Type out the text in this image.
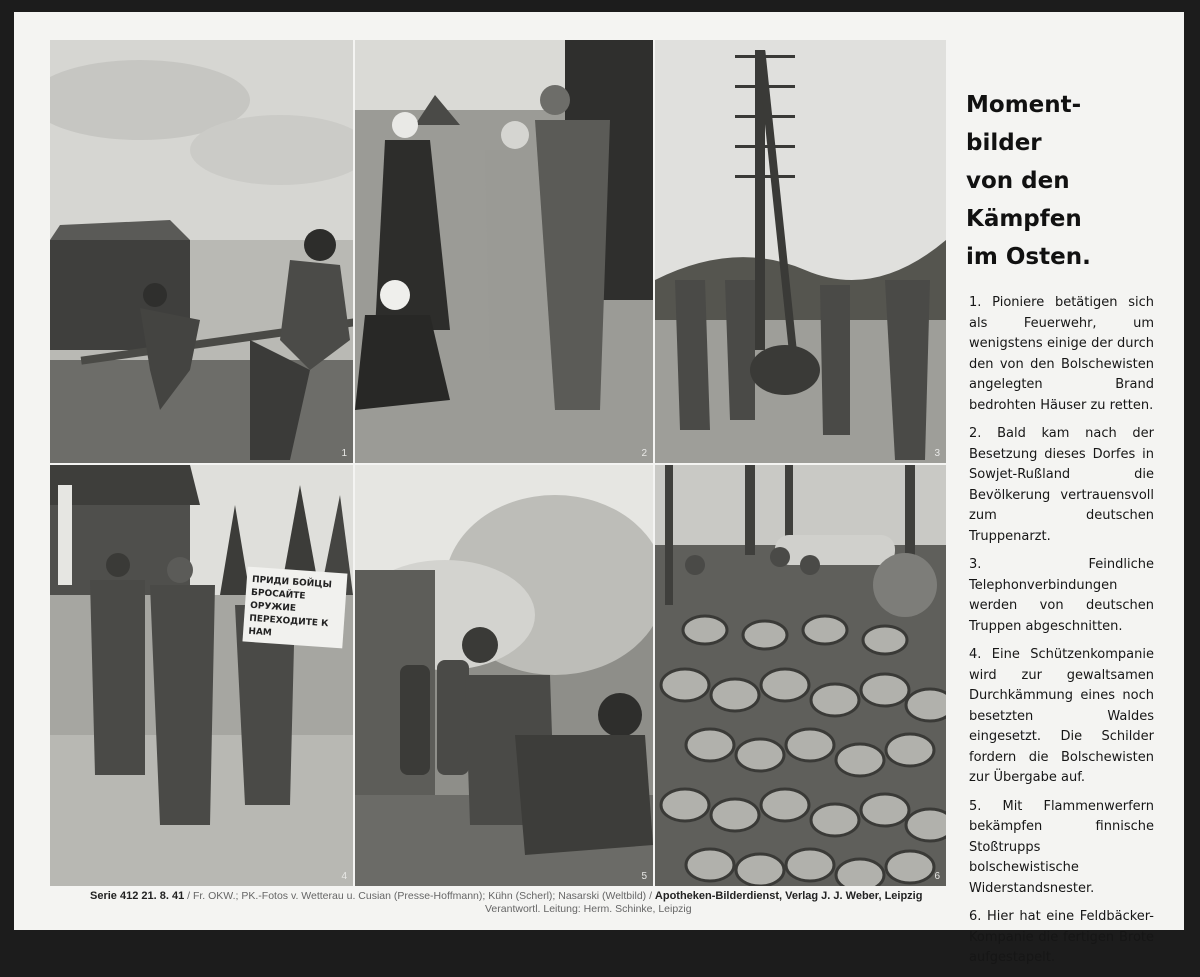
1	2	3
ПРИДИ БОЙЦЫ БРОСАЙТЕ ОРУЖИЕ ПЕРЕХОДИТЕ К НАМ
4	5	6
Moment-
bilder
von den
Kämpfen
im Osten.

1. Pioniere betätigen sich als Feuerwehr, um wenigstens einige der durch den von den Bolschewisten angelegten Brand bedrohten Häuser zu retten.

2. Bald kam nach der Besetzung dieses Dorfes in Sowjet-Rußland die Bevölkerung vertrauensvoll zum deutschen Truppenarzt.

3. Feindliche Telephonverbindungen werden von deutschen Truppen abgeschnitten.

4. Eine Schützenkompanie wird zur gewaltsamen Durchkämmung eines noch besetzten Waldes eingesetzt. Die Schilder fordern die Bolschewisten zur Übergabe auf.

5. Mit Flammenwerfern bekämpfen finnische Stoßtrupps bolschewistische Widerstandsnester.

6. Hier hat eine Feldbäcker-Kompanie die fertigen Brote aufgestapelt.

Serie 412 21. 8. 41 / Fr. OKW.; PK.-Fotos v. Wetterau u. Cusian (Presse-Hoffmann); Kühn (Scherl); Nasarski (Weltbild) / Apotheken-Bilderdienst, Verlag J. J. Weber, Leipzig
Verantwortl. Leitung: Herm. Schinke, Leipzig
